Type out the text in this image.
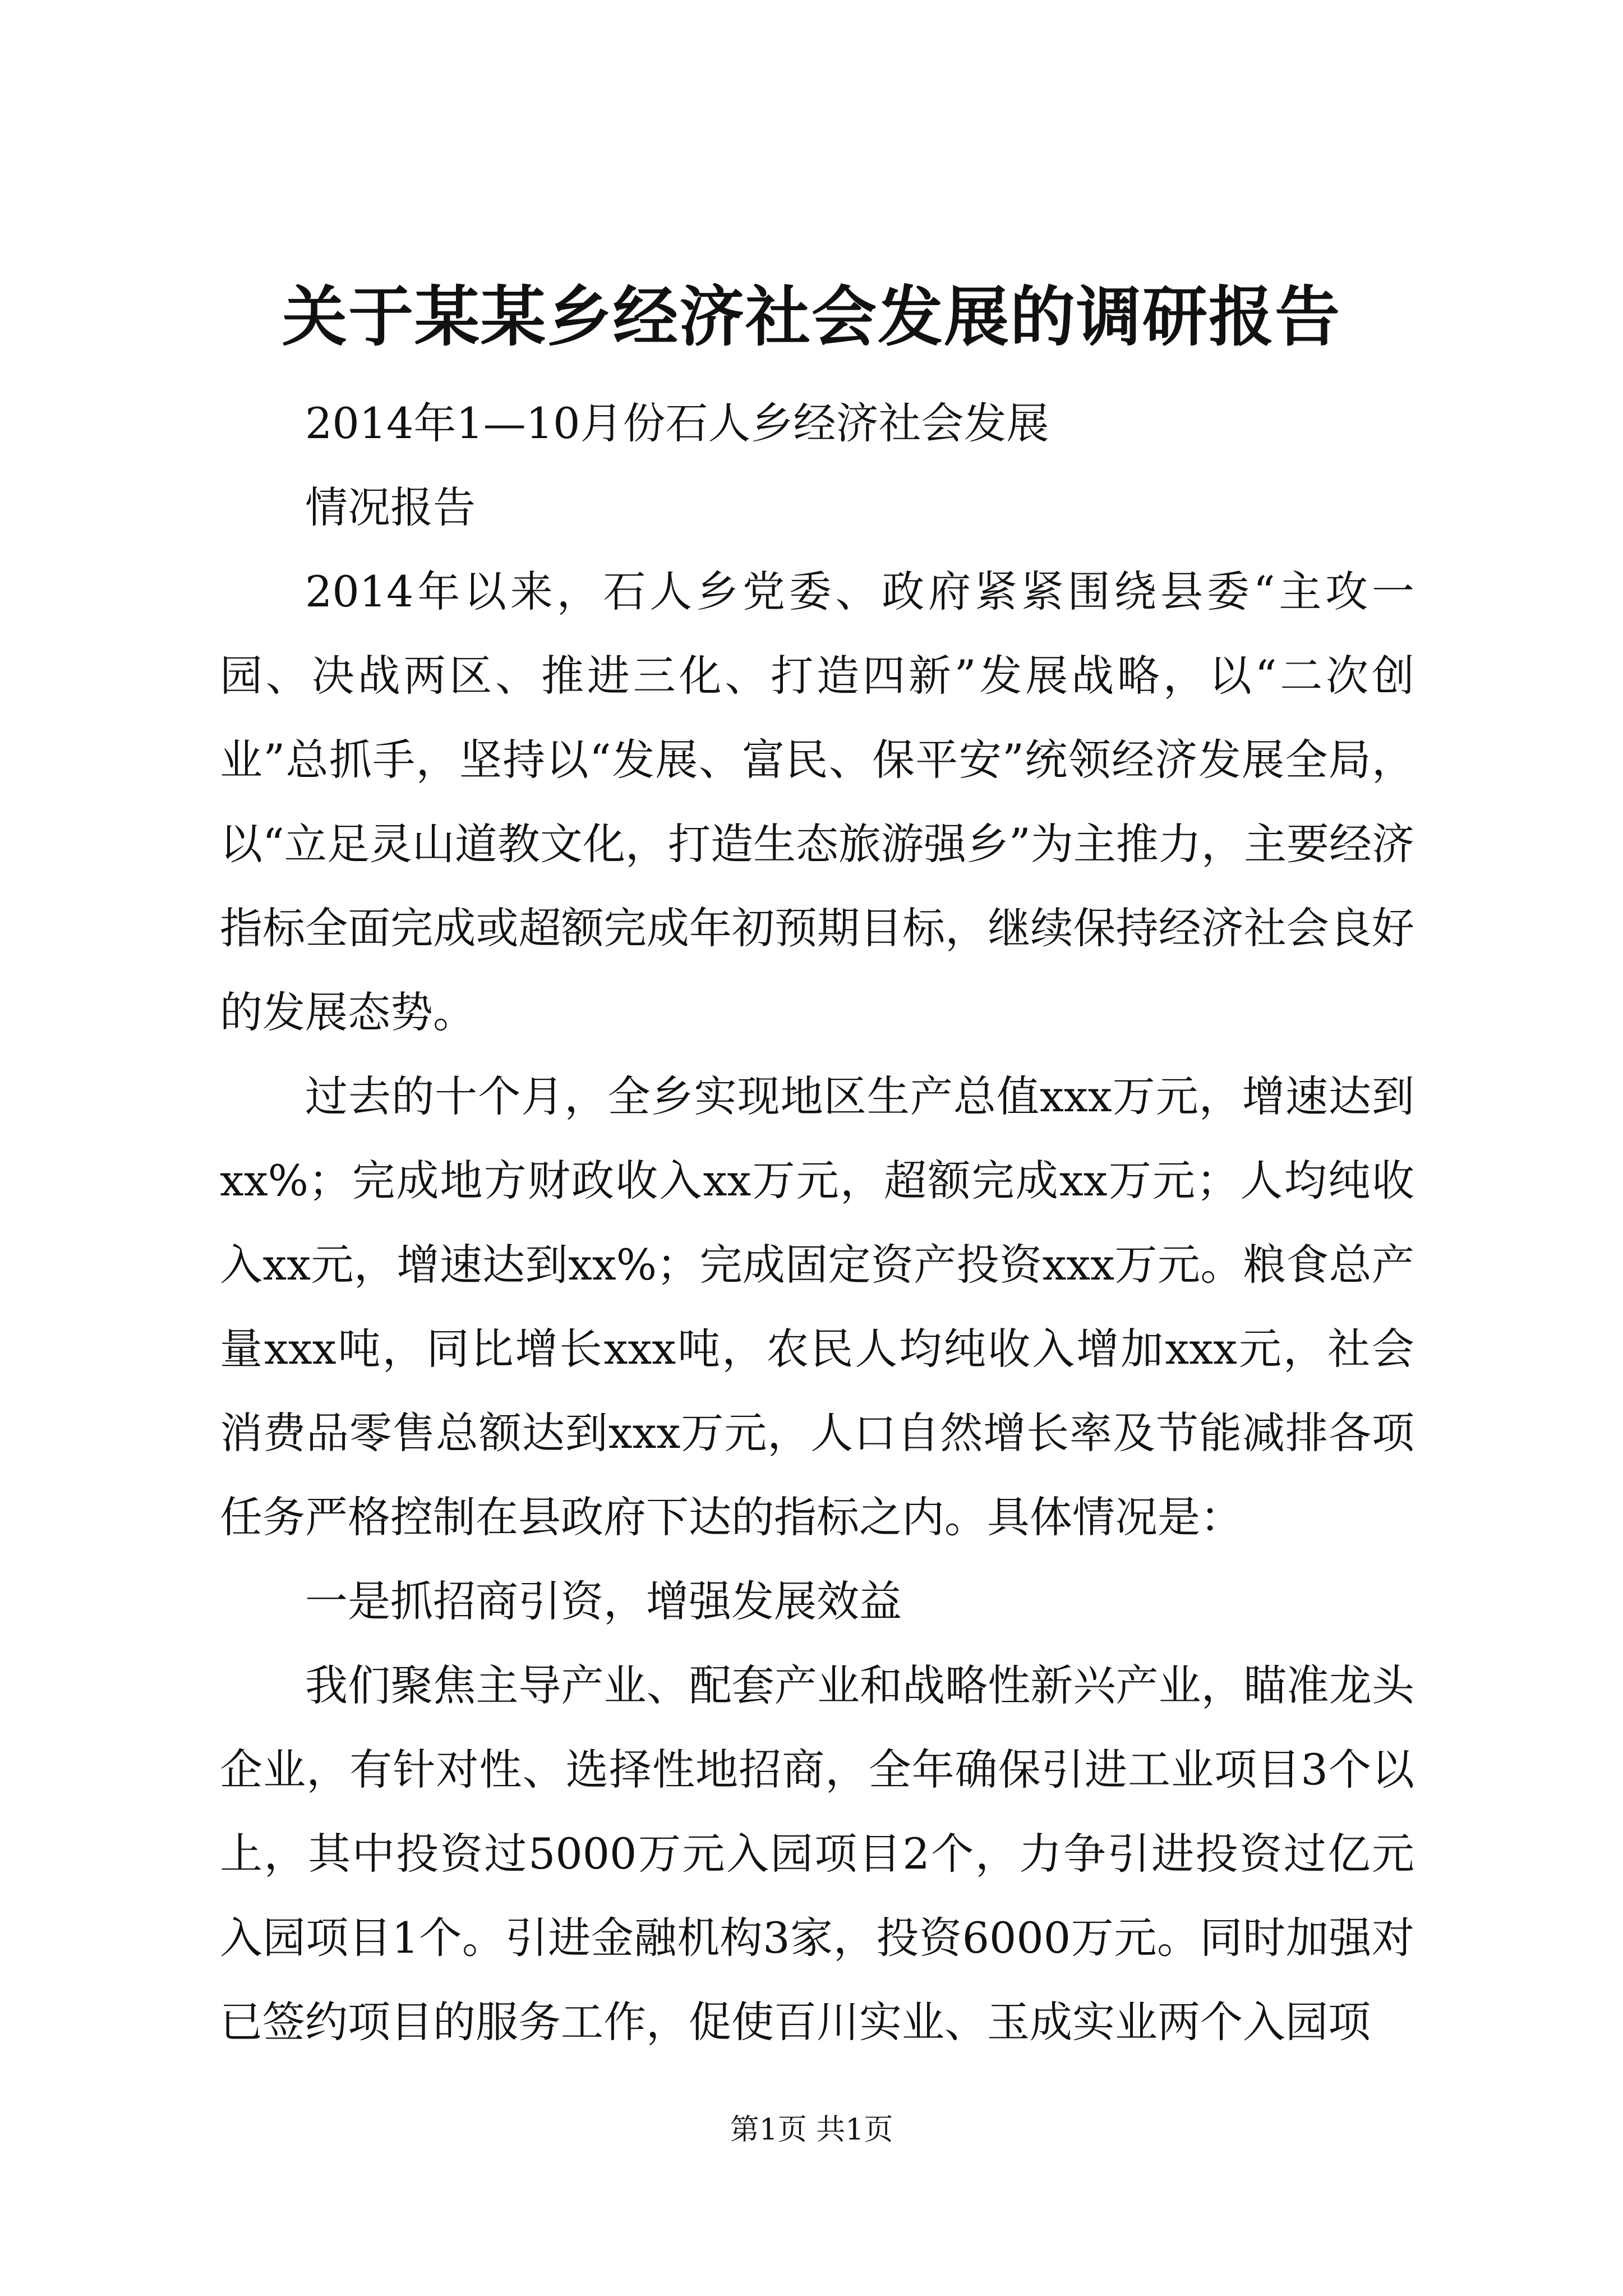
关于某某乡经济社会发展的调研报告

2014年1—10月份石人乡经济社会发展

情况报告

2014年以来，石人乡党委、政府紧紧围绕县委“主攻一园、决战两区、推进三化、打造四新”发展战略，以“二次创业”总抓手，坚持以“发展、富民、保平安”统领经济发展全局，以“立足灵山道教文化，打造生态旅游强乡”为主推力，主要经济指标全面完成或超额完成年初预期目标，继续保持经济社会良好的发展态势。

过去的十个月，全乡实现地区生产总值xxx万元，增速达到xx%；完成地方财政收入xx万元，超额完成xx万元；人均纯收入xx元，增速达到xx%；完成固定资产投资xxx万元。粮食总产量xxx吨，同比增长xxx吨，农民人均纯收入增加xxx元，社会消费品零售总额达到xxx万元，人口自然增长率及节能减排各项任务严格控制在县政府下达的指标之内。具体情况是：

一是抓招商引资，增强发展效益

我们聚焦主导产业、配套产业和战略性新兴产业，瞄准龙头企业，有针对性、选择性地招商，全年确保引进工业项目3个以上，其中投资过5000万元入园项目2个，力争引进投资过亿元入园项目1个。引进金融机构3家，投资6000万元。同时加强对已签约项目的服务工作，促使百川实业、玉成实业两个入园项

第1页 共1页
